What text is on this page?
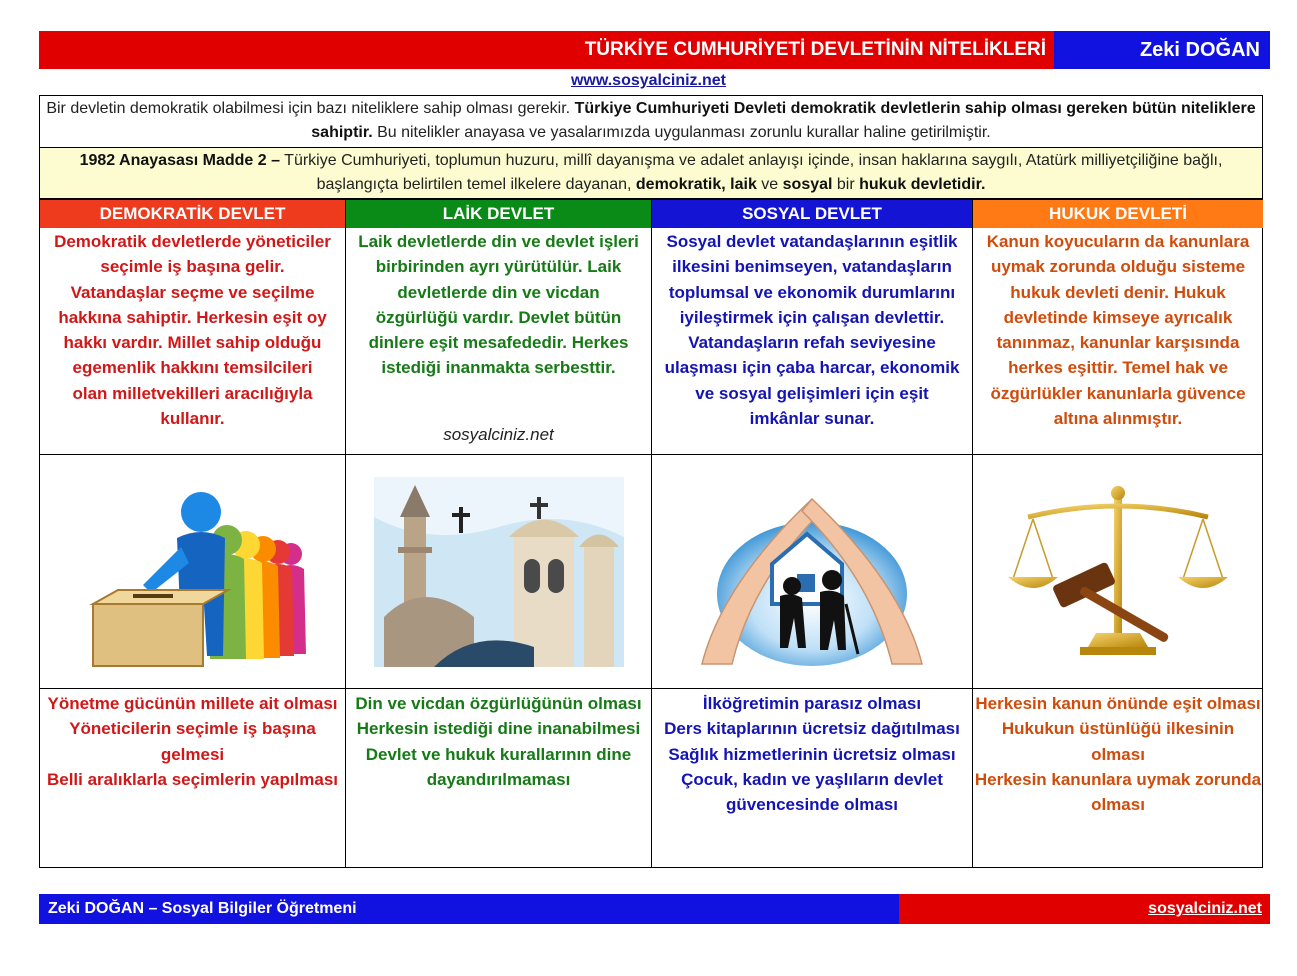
TÜRKİYE CUMHURİYETİ DEVLETİNİN NİTELİKLERİ	Zeki DOĞAN
www.sosyalciniz.net
Bir devletin demokratik olabilmesi için bazı niteliklere sahip olması gerekir. Türkiye Cumhuriyeti Devleti demokratik devletlerin sahip olması gereken bütün niteliklere sahiptir. Bu nitelikler anayasa ve yasalarımızda uygulanması zorunlu kurallar haline getirilmiştir.
1982 Anayasası Madde 2 – Türkiye Cumhuriyeti, toplumun huzuru, millî dayanışma ve adalet anlayışı içinde, insan haklarına saygılı, Atatürk milliyetçiliğine bağlı, başlangıçta belirtilen temel ilkelere dayanan, demokratik, laik ve sosyal bir hukuk devletidir.
DEMOKRATİK DEVLET
Demokratik devletlerde yöneticiler seçimle iş başına gelir. Vatandaşlar seçme ve seçilme hakkına sahiptir. Herkesin eşit oy hakkı vardır. Millet sahip olduğu egemenlik hakkını temsilcileri olan milletvekilleri aracılığıyla kullanır.
Yönetme gücünün millete ait olması
Yöneticilerin seçimle iş başına gelmesi
Belli aralıklarla seçimlerin yapılması
LAİK DEVLET
Laik devletlerde din ve devlet işleri birbirinden ayrı yürütülür. Laik devletlerde din ve vicdan özgürlüğü vardır. Devlet bütün dinlere eşit mesafededir. Herkes istediği inanmakta serbesttir.
sosyalciniz.net
Din ve vicdan özgürlüğünün olması
Herkesin istediği dine inanabilmesi
Devlet ve hukuk kurallarının dine dayandırılmaması
SOSYAL DEVLET
Sosyal devlet vatandaşlarının eşitlik ilkesini benimseyen, vatandaşların toplumsal ve ekonomik durumlarını iyileştirmek için çalışan devlettir. Vatandaşların refah seviyesine ulaşması için çaba harcar, ekonomik ve sosyal gelişimleri için eşit imkânlar sunar.
İlköğretimin parasız olması
Ders kitaplarının ücretsiz dağıtılması
Sağlık hizmetlerinin ücretsiz olması
Çocuk, kadın ve yaşlıların devlet güvencesinde olması
HUKUK DEVLETİ
Kanun koyucuların da kanunlara uymak zorunda olduğu sisteme hukuk devleti denir. Hukuk devletinde kimseye ayrıcalık tanınmaz, kanunlar karşısında herkes eşittir. Temel hak ve özgürlükler kanunlarla güvence altına alınmıştır.
Herkesin kanun önünde eşit olması
Hukukun üstünlüğü ilkesinin olması
Herkesin kanunlara uymak zorunda olması
Zeki DOĞAN – Sosyal Bilgiler Öğretmeni	sosyalciniz.net
